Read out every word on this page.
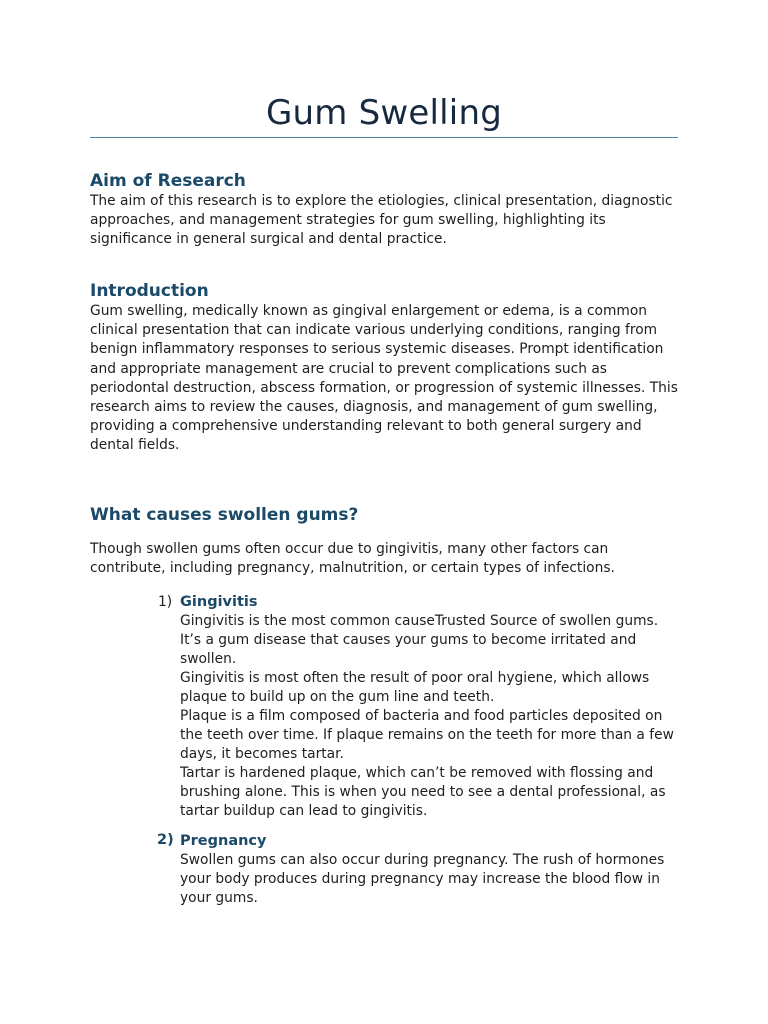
Gum Swelling
Aim of Research

The aim of this research is to explore the etiologies, clinical presentation, diagnostic approaches, and management strategies for gum swelling, highlighting its significance in general surgical and dental practice.

Introduction

Gum swelling, medically known as gingival enlargement or edema, is a common clinical presentation that can indicate various underlying conditions, ranging from benign inflammatory responses to serious systemic diseases. Prompt identification and appropriate management are crucial to prevent complications such as periodontal destruction, abscess formation, or progression of systemic illnesses. This research aims to review the causes, diagnosis, and management of gum swelling, providing a comprehensive understanding relevant to both general surgery and dental fields.

What causes swollen gums?

Though swollen gums often occur due to gingivitis, many other factors can contribute, including pregnancy, malnutrition, or certain types of infections.

1) Gingivitis

Gingivitis is the most common causeTrusted Source of swollen gums. It’s a gum disease that causes your gums to become irritated and swollen.

Gingivitis is most often the result of poor oral hygiene, which allows plaque to build up on the gum line and teeth.

Plaque is a film composed of bacteria and food particles deposited on the teeth over time. If plaque remains on the teeth for more than a few days, it becomes tartar.

Tartar is hardened plaque, which can’t be removed with flossing and brushing alone. This is when you need to see a dental professional, as tartar buildup can lead to gingivitis.

2) Pregnancy

Swollen gums can also occur during pregnancy. The rush of hormones your body produces during pregnancy may increase the blood flow in your gums.
